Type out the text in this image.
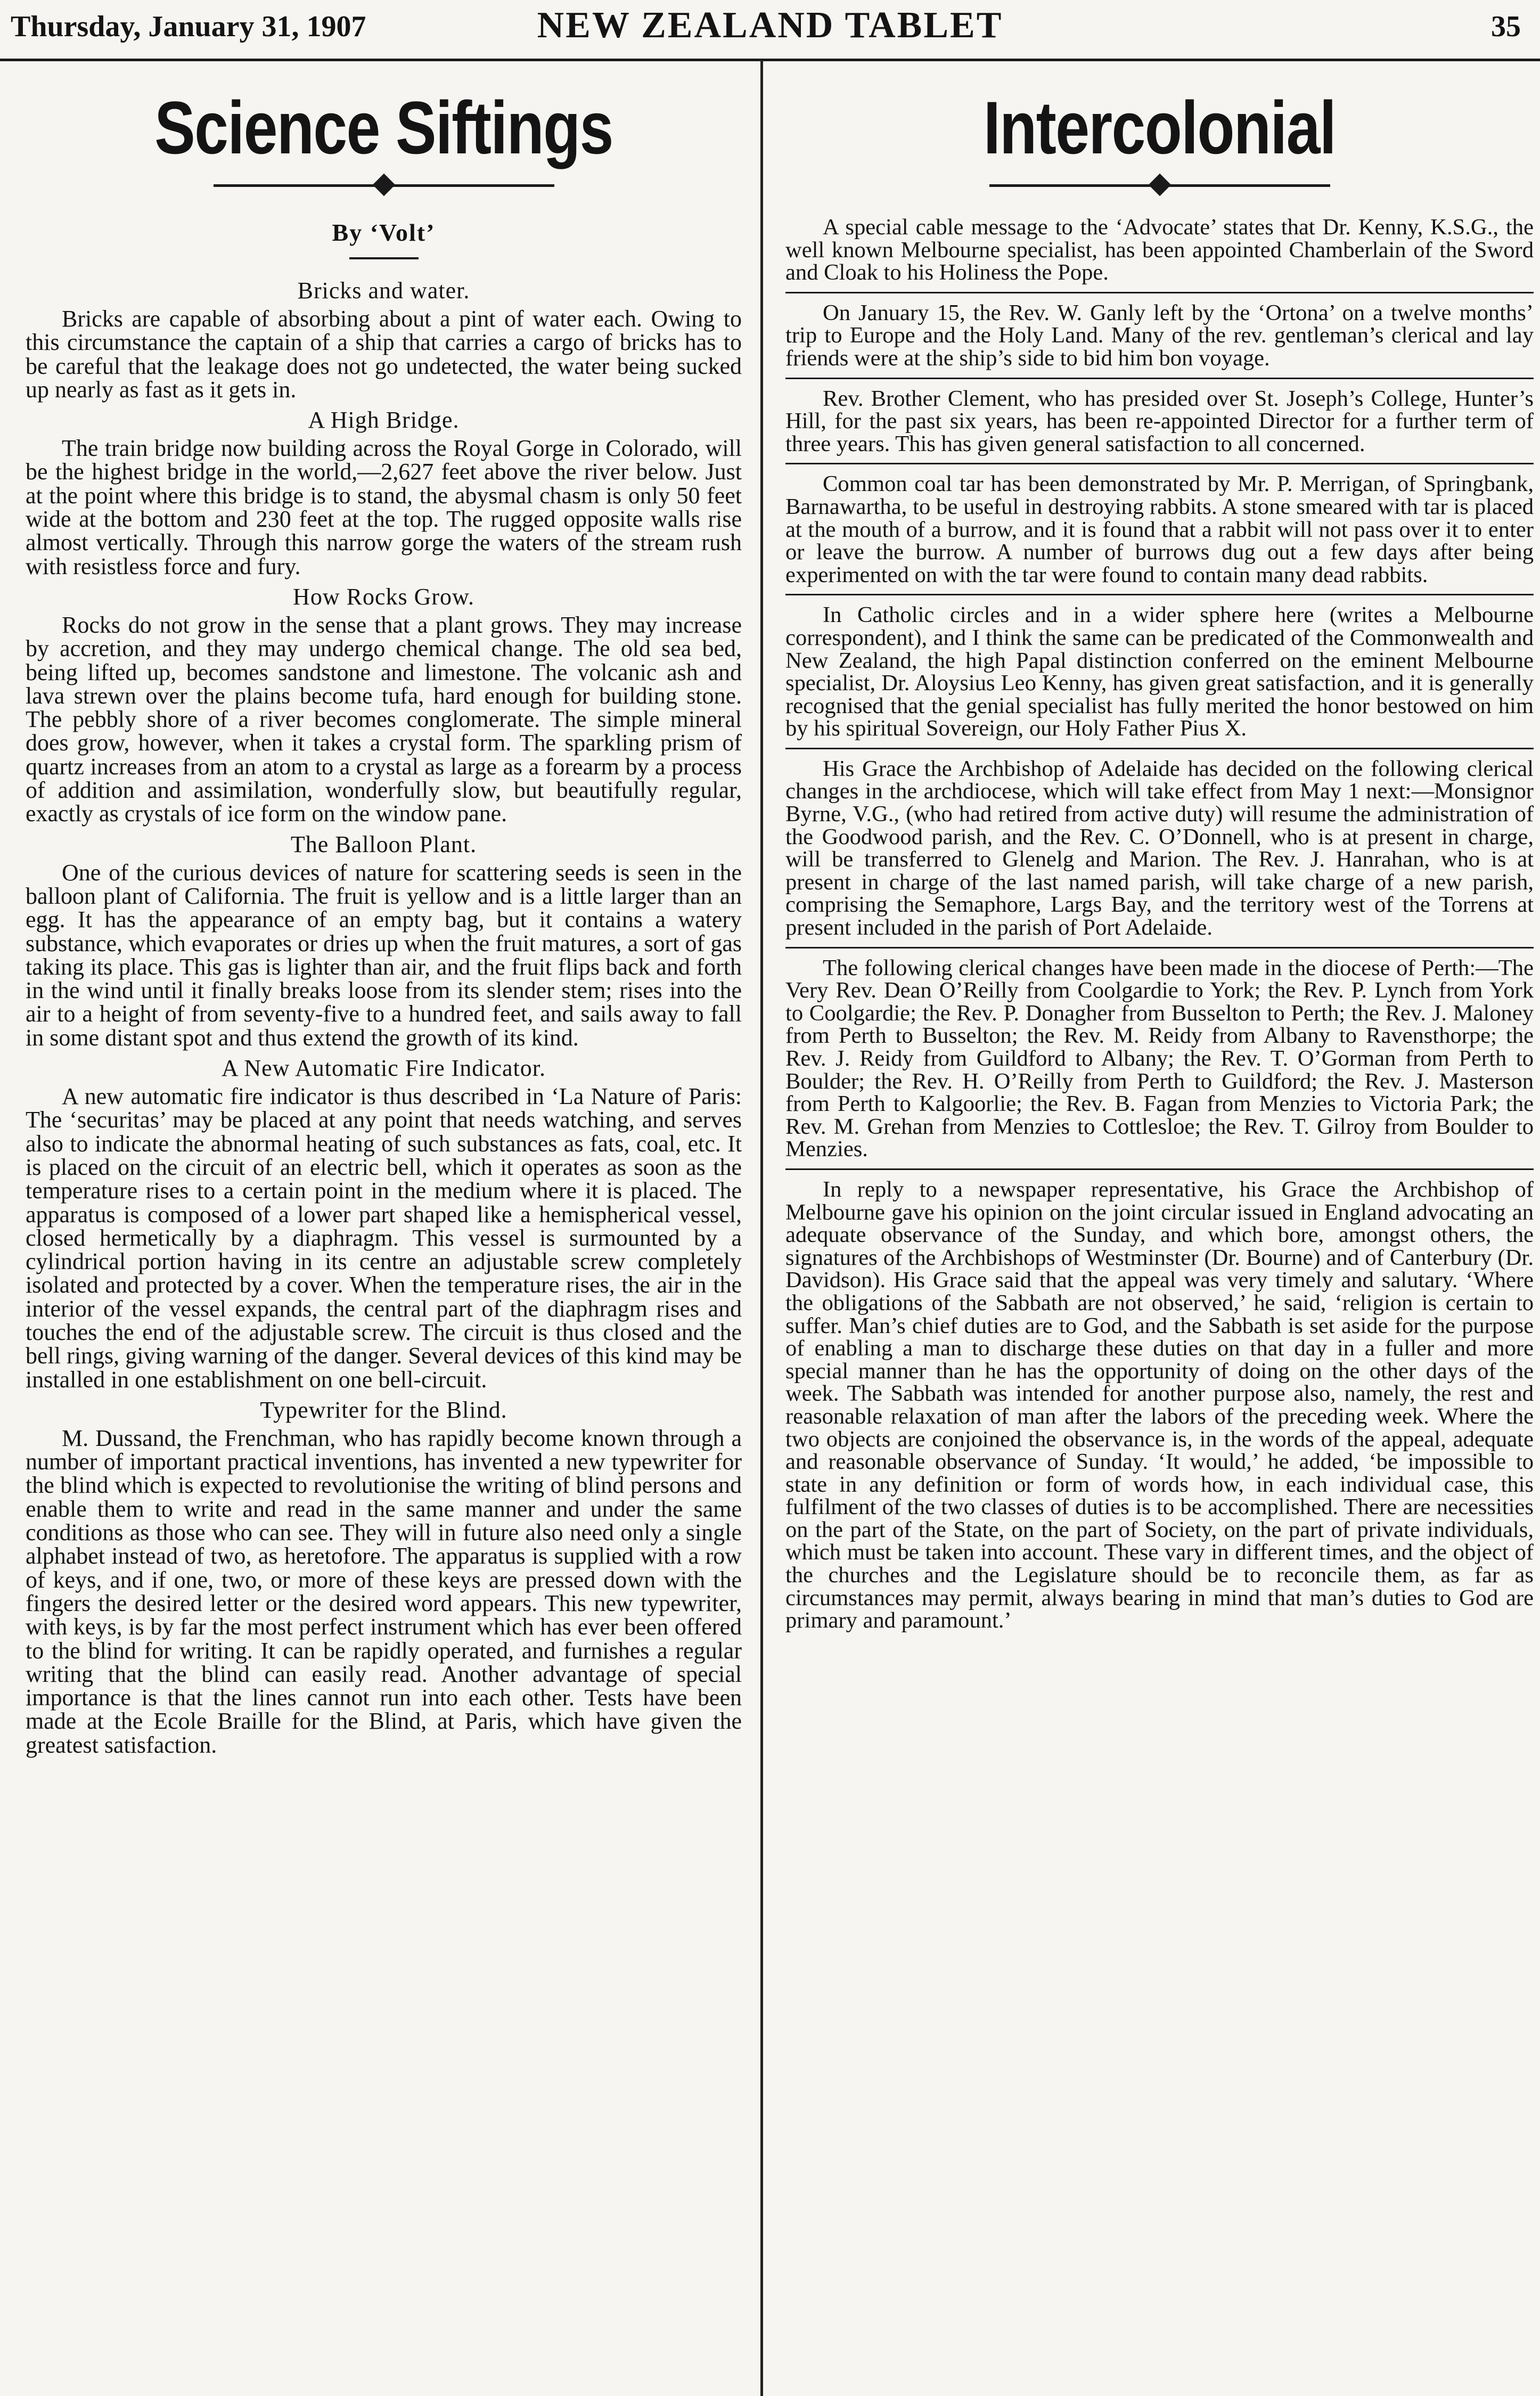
Thursday, January 31, 1907	NEW ZEALAND TABLET	35
Science Siftings
By ‘Volt’
Bricks and water.

Bricks are capable of absorbing about a pint of water each. Owing to this circumstance the captain of a ship that carries a cargo of bricks has to be careful that the leakage does not go undetected, the water being sucked up nearly as fast as it gets in.

A High Bridge.

The train bridge now building across the Royal Gorge in Colorado, will be the highest bridge in the world,—2,627 feet above the river below. Just at the point where this bridge is to stand, the abysmal chasm is only 50 feet wide at the bottom and 230 feet at the top. The rugged opposite walls rise almost vertically. Through this narrow gorge the waters of the stream rush with resistless force and fury.

How Rocks Grow.

Rocks do not grow in the sense that a plant grows. They may increase by accretion, and they may undergo chemical change. The old sea bed, being lifted up, becomes sandstone and limestone. The volcanic ash and lava strewn over the plains become tufa, hard enough for building stone. The pebbly shore of a river becomes conglomerate. The simple mineral does grow, however, when it takes a crystal form. The sparkling prism of quartz increases from an atom to a crystal as large as a forearm by a process of addition and assimilation, wonderfully slow, but beautifully regular, exactly as crystals of ice form on the window pane.

The Balloon Plant.

One of the curious devices of nature for scattering seeds is seen in the balloon plant of California. The fruit is yellow and is a little larger than an egg. It has the appearance of an empty bag, but it contains a watery substance, which evaporates or dries up when the fruit matures, a sort of gas taking its place. This gas is lighter than air, and the fruit flips back and forth in the wind until it finally breaks loose from its slender stem; rises into the air to a height of from seventy-five to a hundred feet, and sails away to fall in some distant spot and thus extend the growth of its kind.

A New Automatic Fire Indicator.

A new automatic fire indicator is thus described in ‘La Nature of Paris: The ‘securitas’ may be placed at any point that needs watching, and serves also to indicate the abnormal heating of such substances as fats, coal, etc. It is placed on the circuit of an electric bell, which it operates as soon as the temperature rises to a certain point in the medium where it is placed. The apparatus is composed of a lower part shaped like a hemispherical vessel, closed hermetically by a diaphragm. This vessel is surmounted by a cylindrical portion having in its centre an adjustable screw completely isolated and protected by a cover. When the temperature rises, the air in the interior of the vessel expands, the central part of the diaphragm rises and touches the end of the adjustable screw. The circuit is thus closed and the bell rings, giving warning of the danger. Several devices of this kind may be installed in one establishment on one bell-circuit.

Typewriter for the Blind.

M. Dussand, the Frenchman, who has rapidly become known through a number of important practical inventions, has invented a new typewriter for the blind which is expected to revolutionise the writing of blind persons and enable them to write and read in the same manner and under the same conditions as those who can see. They will in future also need only a single alphabet instead of two, as heretofore. The apparatus is supplied with a row of keys, and if one, two, or more of these keys are pressed down with the fingers the desired letter or the desired word appears. This new typewriter, with keys, is by far the most perfect instrument which has ever been offered to the blind for writing. It can be rapidly operated, and furnishes a regular writing that the blind can easily read. Another advantage of special importance is that the lines cannot run into each other. Tests have been made at the Ecole Braille for the Blind, at Paris, which have given the greatest satisfaction.

Intercolonial

A special cable message to the ‘Advocate’ states that Dr. Kenny, K.S.G., the well known Melbourne specialist, has been appointed Chamberlain of the Sword and Cloak to his Holiness the Pope.

On January 15, the Rev. W. Ganly left by the ‘Ortona’ on a twelve months’ trip to Europe and the Holy Land. Many of the rev. gentleman’s clerical and lay friends were at the ship’s side to bid him bon voyage.

Rev. Brother Clement, who has presided over St. Joseph’s College, Hunter’s Hill, for the past six years, has been re-appointed Director for a further term of three years. This has given general satisfaction to all concerned.

Common coal tar has been demonstrated by Mr. P. Merrigan, of Springbank, Barnawartha, to be useful in destroying rabbits. A stone smeared with tar is placed at the mouth of a burrow, and it is found that a rabbit will not pass over it to enter or leave the burrow. A number of burrows dug out a few days after being experimented on with the tar were found to contain many dead rabbits.

In Catholic circles and in a wider sphere here (writes a Melbourne correspondent), and I think the same can be predicated of the Commonwealth and New Zealand, the high Papal distinction conferred on the eminent Melbourne specialist, Dr. Aloysius Leo Kenny, has given great satisfaction, and it is generally recognised that the genial specialist has fully merited the honor bestowed on him by his spiritual Sovereign, our Holy Father Pius X.

His Grace the Archbishop of Adelaide has decided on the following clerical changes in the archdiocese, which will take effect from May 1 next:—Monsignor Byrne, V.G., (who had retired from active duty) will resume the administration of the Goodwood parish, and the Rev. C. O’Donnell, who is at present in charge, will be transferred to Glenelg and Marion. The Rev. J. Hanrahan, who is at present in charge of the last named parish, will take charge of a new parish, comprising the Semaphore, Largs Bay, and the territory west of the Torrens at present included in the parish of Port Adelaide.

The following clerical changes have been made in the diocese of Perth:—The Very Rev. Dean O’Reilly from Coolgardie to York; the Rev. P. Lynch from York to Coolgardie; the Rev. P. Donagher from Busselton to Perth; the Rev. J. Maloney from Perth to Busselton; the Rev. M. Reidy from Albany to Ravensthorpe; the Rev. J. Reidy from Guildford to Albany; the Rev. T. O’Gorman from Perth to Boulder; the Rev. H. O’Reilly from Perth to Guildford; the Rev. J. Masterson from Perth to Kalgoorlie; the Rev. B. Fagan from Menzies to Victoria Park; the Rev. M. Grehan from Menzies to Cottlesloe; the Rev. T. Gilroy from Boulder to Menzies.

In reply to a newspaper representative, his Grace the Archbishop of Melbourne gave his opinion on the joint circular issued in England advocating an adequate observance of the Sunday, and which bore, amongst others, the signatures of the Archbishops of Westminster (Dr. Bourne) and of Canterbury (Dr. Davidson). His Grace said that the appeal was very timely and salutary. ‘Where the obligations of the Sabbath are not observed,’ he said, ‘religion is certain to suffer. Man’s chief duties are to God, and the Sabbath is set aside for the purpose of enabling a man to discharge these duties on that day in a fuller and more special manner than he has the opportunity of doing on the other days of the week. The Sabbath was intended for another purpose also, namely, the rest and reasonable relaxation of man after the labors of the preceding week. Where the two objects are conjoined the observance is, in the words of the appeal, adequate and reasonable observance of Sunday. ‘It would,’ he added, ‘be impossible to state in any definition or form of words how, in each individual case, this fulfilment of the two classes of duties is to be accomplished. There are necessities on the part of the State, on the part of Society, on the part of private individuals, which must be taken into account. These vary in different times, and the object of the churches and the Legislature should be to reconcile them, as far as circumstances may permit, always bearing in mind that man’s duties to God are primary and paramount.’
